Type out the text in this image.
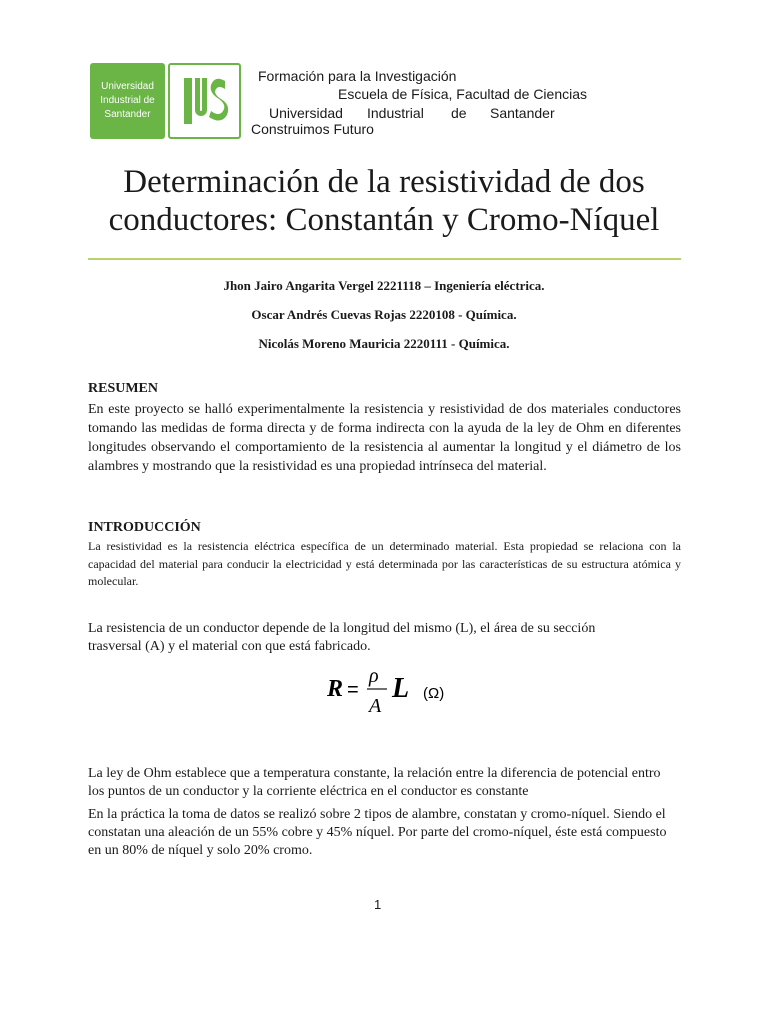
Universidad
Industrial de
Santander
Formación para la Investigación
Escuela de Física, Facultad de Ciencias
Universidad Industrial de Santander
Construimos Futuro
Determinación de la resistividad de dos
conductores: Constantán y Cromo-Níquel
Jhon Jairo Angarita Vergel 2221118 – Ingeniería eléctrica.
Oscar Andrés Cuevas Rojas 2220108 - Química.
Nicolás Moreno Mauricia 2220111 - Química.
RESUMEN
En este proyecto se halló experimentalmente la resistencia y resistividad de dos materiales conductores tomando las medidas de forma directa y de forma indirecta con la ayuda de la ley de Ohm en diferentes longitudes observando el comportamiento de la resistencia al aumentar la longitud y el diámetro de los alambres y mostrando que la resistividad es una propiedad intrínseca del material.
INTRODUCCIÓN
La resistividad es la resistencia eléctrica específica de un determinado material. Esta propiedad se relaciona con la capacidad del material para conducir la electricidad y está determinada por las características de su estructura atómica y molecular.
La resistencia de un conductor depende de la longitud del mismo (L), el área de su sección trasversal (A) y el material con que está fabricado.
R =
ρ
A
L (Ω)
La ley de Ohm establece que a temperatura constante, la relación entre la diferencia de potencial entro los puntos de un conductor y la corriente eléctrica en el conductor es constante
En la práctica la toma de datos se realizó sobre 2 tipos de alambre, constatan y cromo-níquel. Siendo el constatan una aleación de un 55% cobre y 45% níquel. Por parte del cromo-níquel, éste está compuesto en un 80% de níquel y solo 20% cromo.
1
